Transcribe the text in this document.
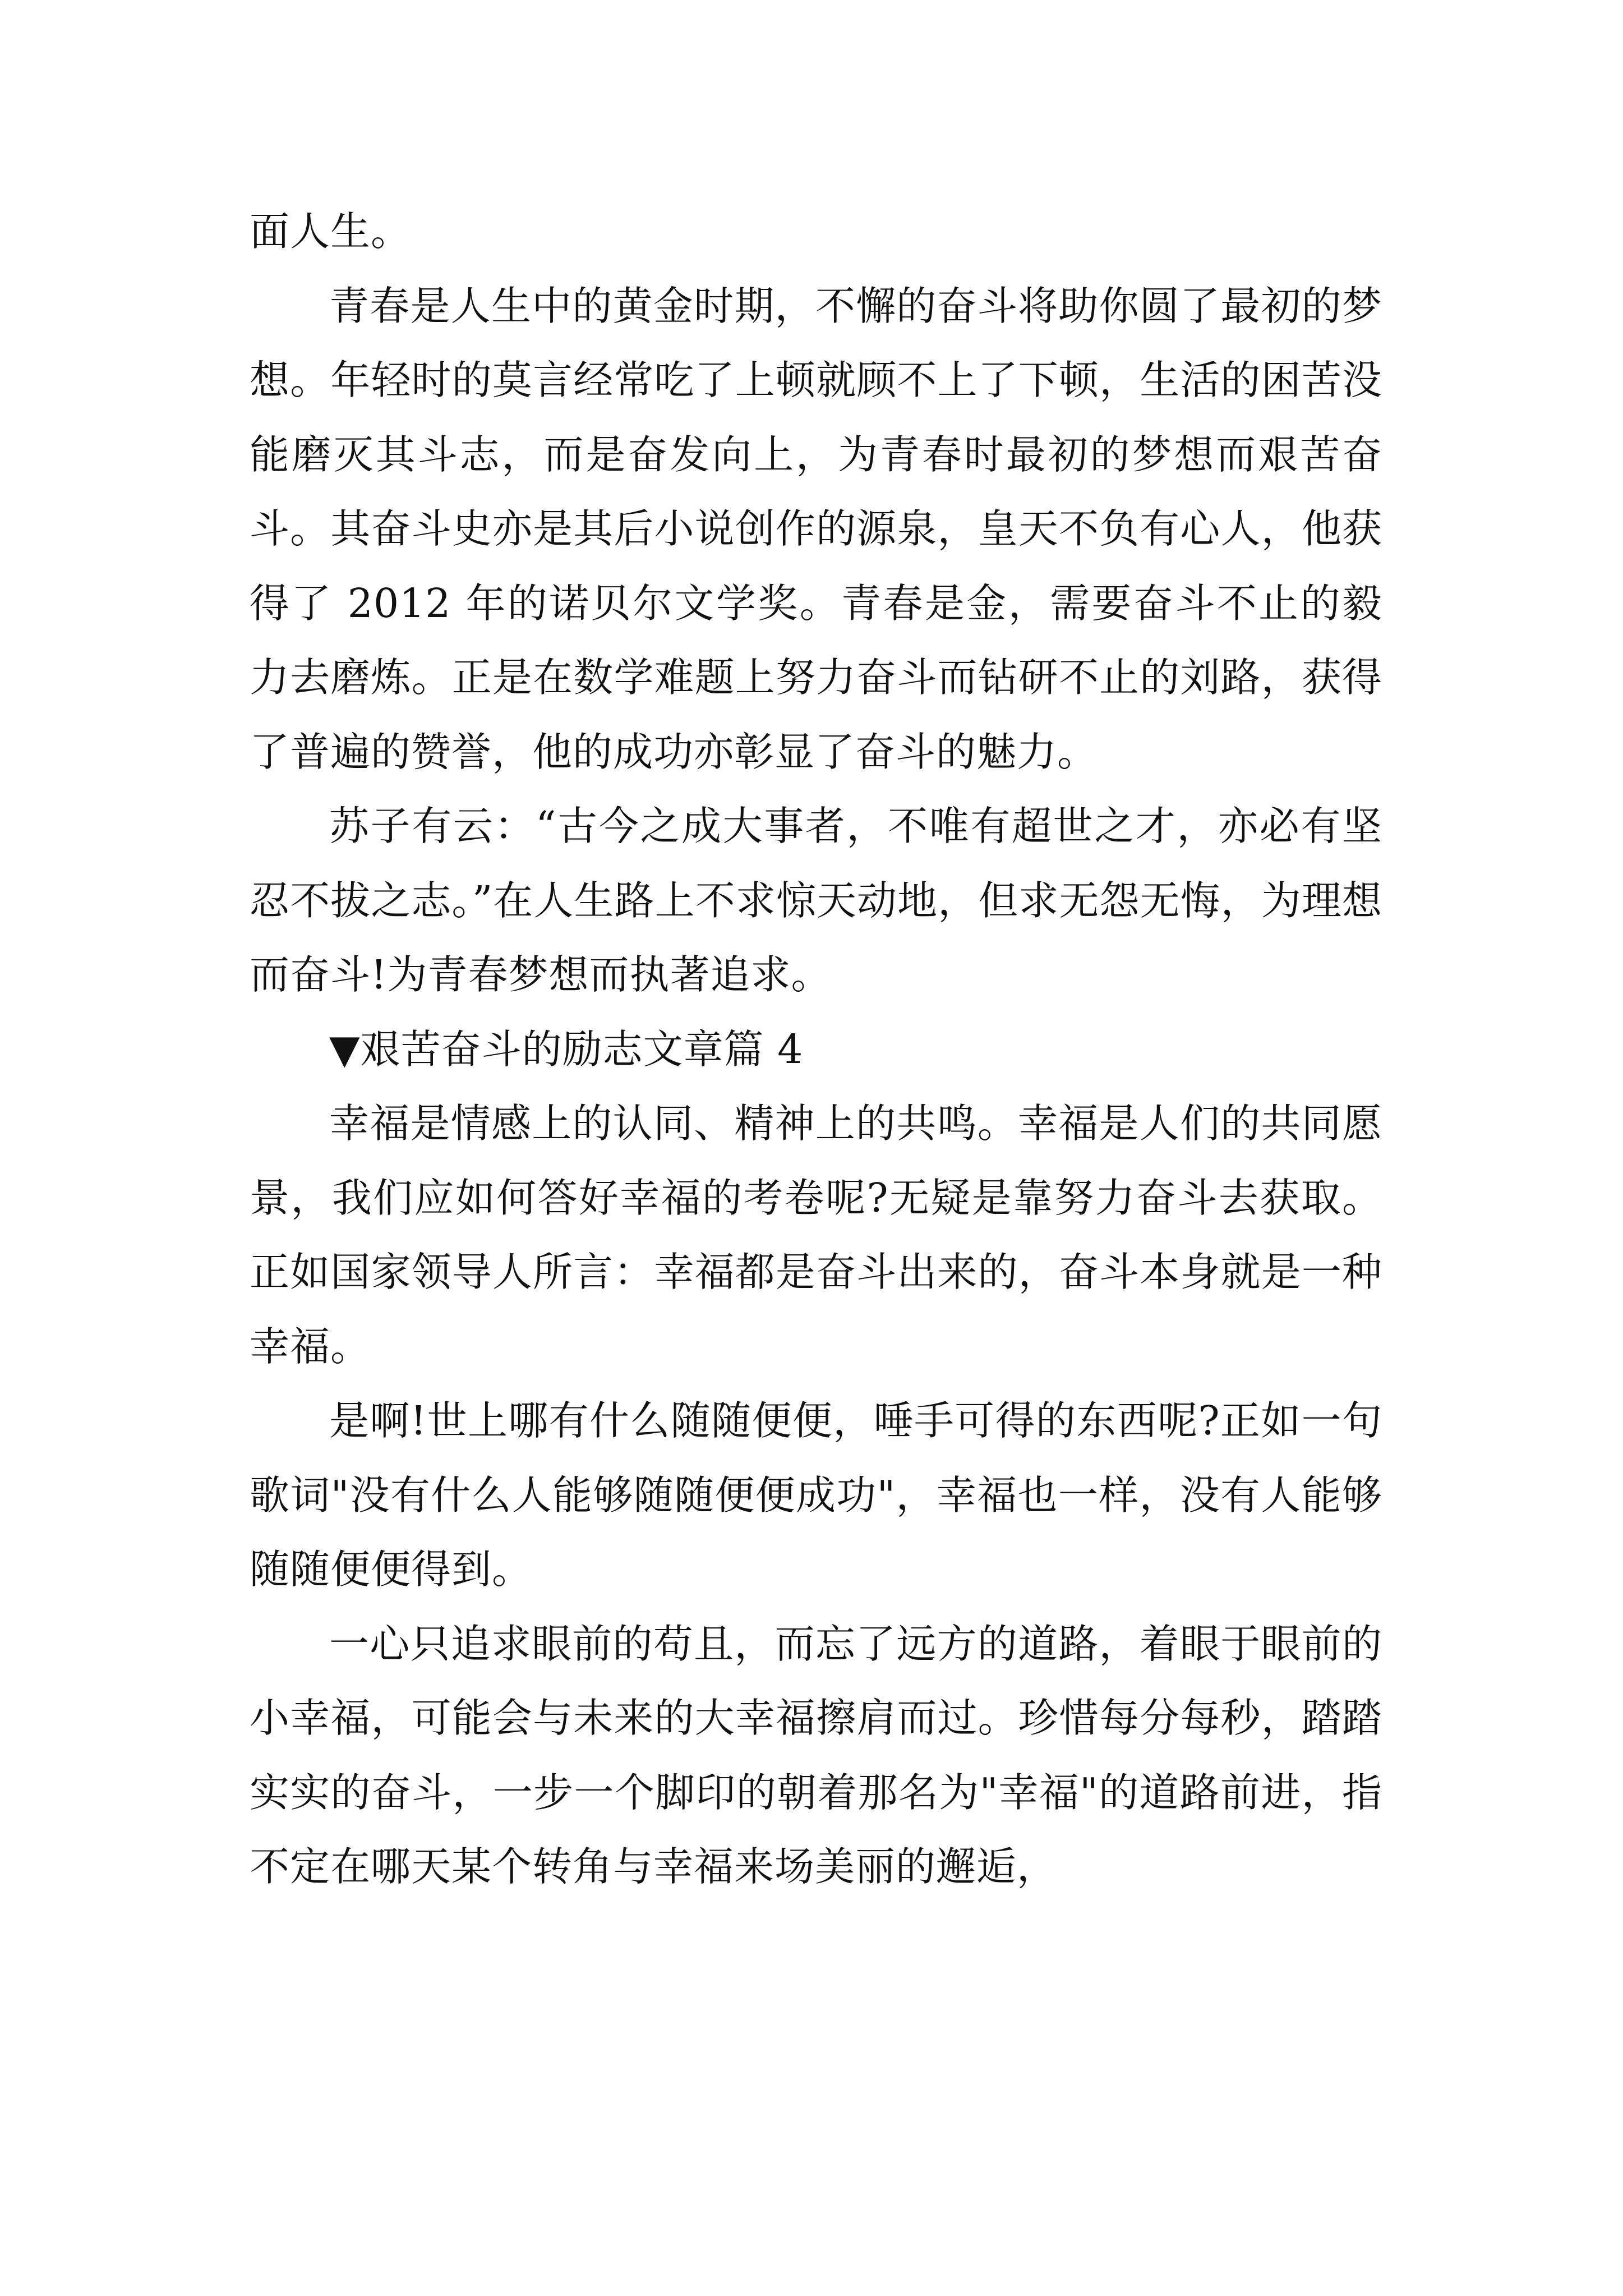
面人生。

青春是人生中的黄金时期，不懈的奋斗将助你圆了最初的梦想。年轻时的莫言经常吃了上顿就顾不上了下顿，生活的困苦没能磨灭其斗志，而是奋发向上，为青春时最初的梦想而艰苦奋斗。其奋斗史亦是其后小说创作的源泉，皇天不负有心人，他获得了 2012 年的诺贝尔文学奖。青春是金，需要奋斗不止的毅力去磨炼。正是在数学难题上努力奋斗而钻研不止的刘路，获得了普遍的赞誉，他的成功亦彰显了奋斗的魅力。

苏子有云：“古今之成大事者，不唯有超世之才，亦必有坚忍不拔之志。”在人生路上不求惊天动地，但求无怨无悔，为理想而奋斗!为青春梦想而执著追求。

▼艰苦奋斗的励志文章篇 4

幸福是情感上的认同、精神上的共鸣。幸福是人们的共同愿景，我们应如何答好幸福的考卷呢?无疑是靠努力奋斗去获取。正如国家领导人所言：幸福都是奋斗出来的，奋斗本身就是一种幸福。

是啊!世上哪有什么随随便便，唾手可得的东西呢?正如一句歌词"没有什么人能够随随便便成功"，幸福也一样，没有人能够随随便便得到。

一心只追求眼前的苟且，而忘了远方的道路，着眼于眼前的小幸福，可能会与未来的大幸福擦肩而过。珍惜每分每秒，踏踏实实的奋斗，一步一个脚印的朝着那名为"幸福"的道路前进，指不定在哪天某个转角与幸福来场美丽的邂逅，
